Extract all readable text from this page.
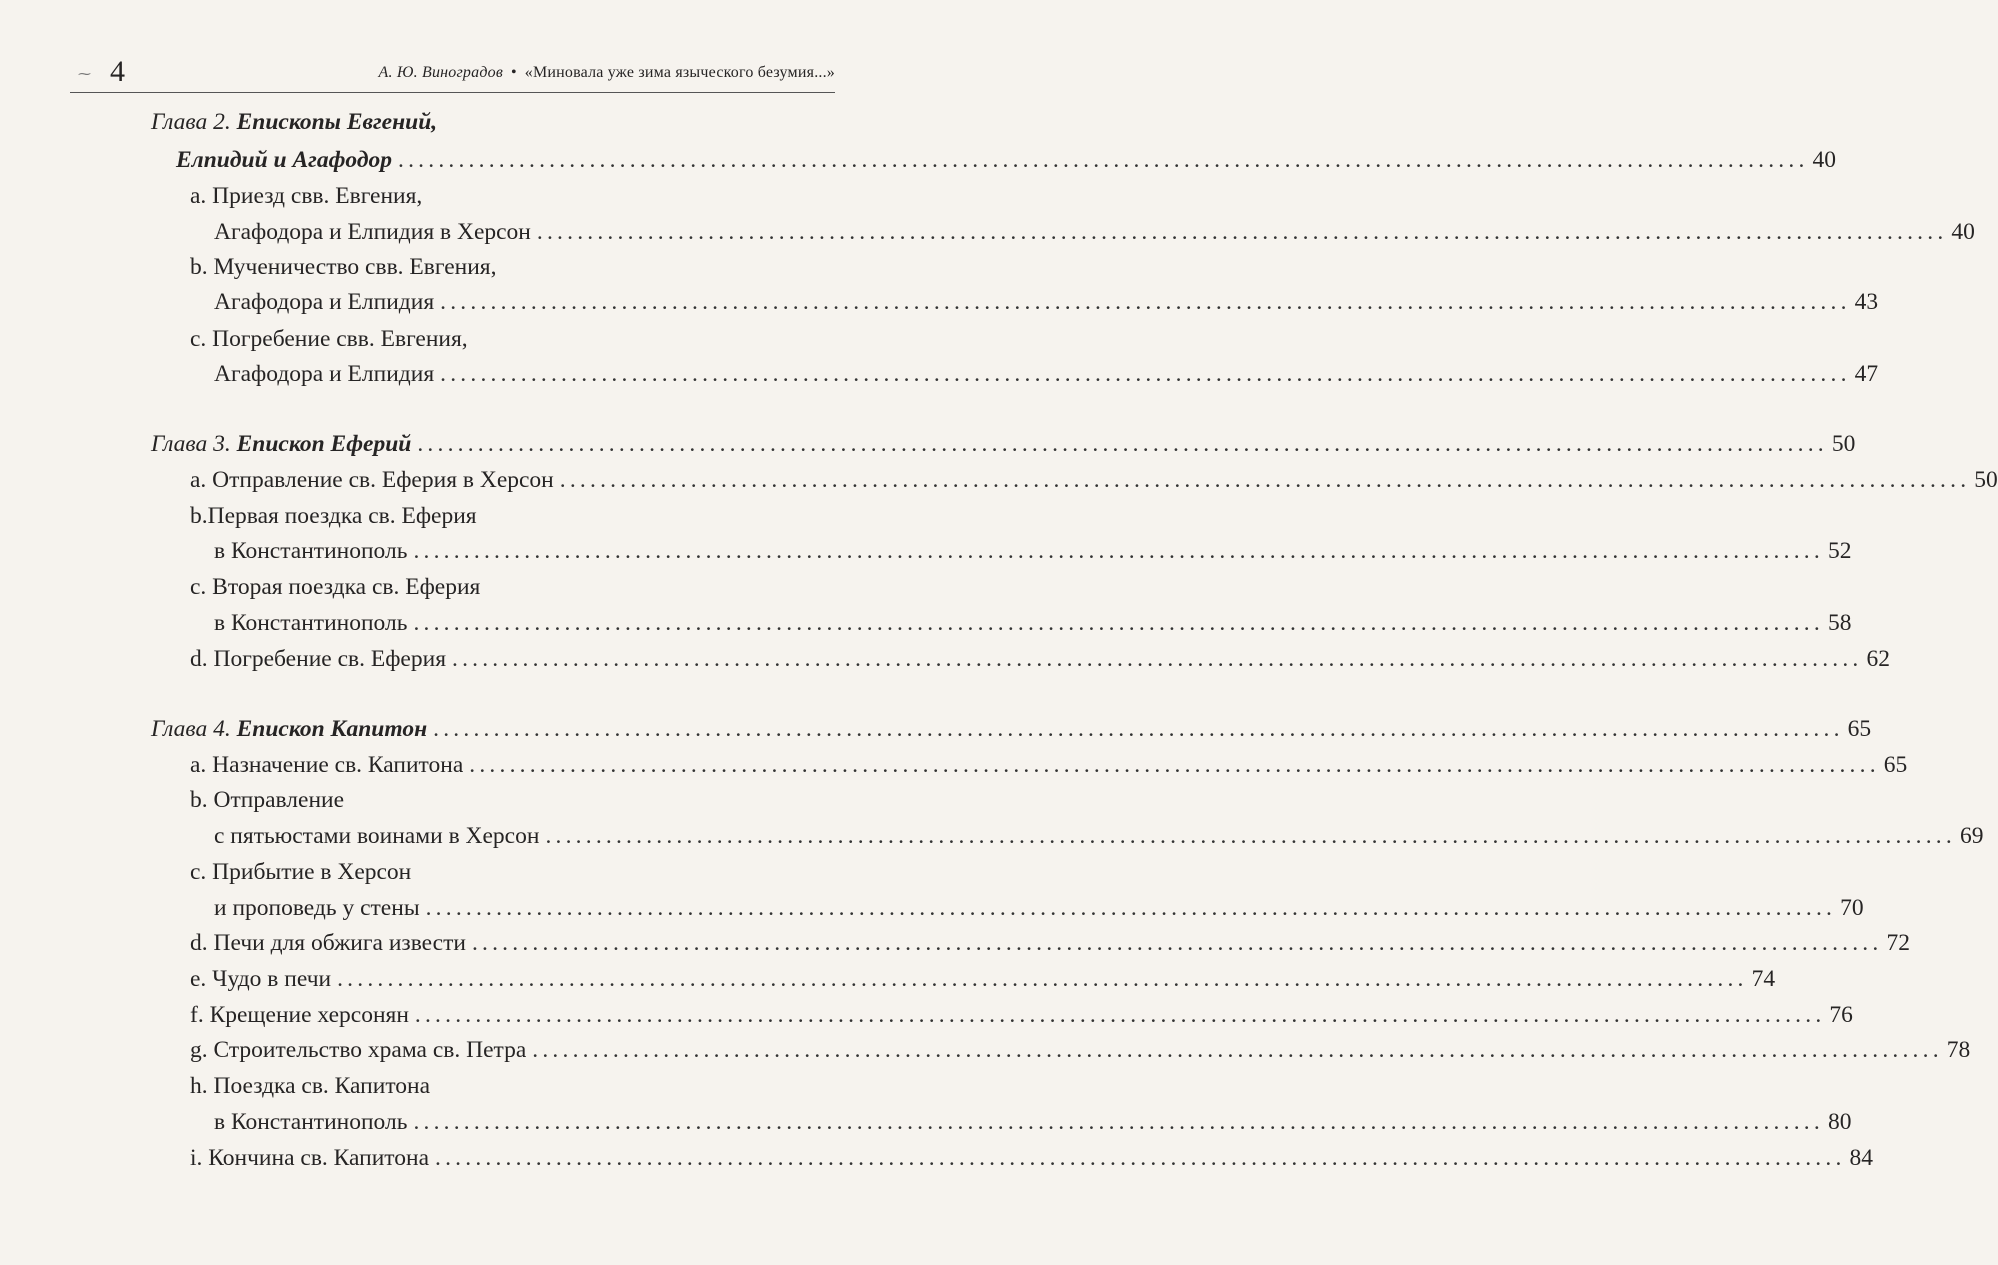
⁓ 4	А. Ю. Виноградов • «Миновала уже зима языческого безумия...»
Глава 2. Епископы Евгений,
Елпидий и Агафодор ............................................................................................................................................ 40
a. Приезд свв. Евгения,
Агафодора и Елпидия в Херсон ............................................................................................................................................ 40
b. Мученичество свв. Евгения,
Агафодора и Елпидия ............................................................................................................................................ 43
c. Погребение свв. Евгения,
Агафодора и Елпидия ............................................................................................................................................ 47
Глава 3. Епископ Еферий ............................................................................................................................................ 50
a. Отправление св. Еферия в Херсон ............................................................................................................................................ 50
b.Первая поездка св. Еферия
в Константинополь ............................................................................................................................................ 52
c. Вторая поездка св. Еферия
в Константинополь ............................................................................................................................................ 58
d. Погребение св. Еферия ............................................................................................................................................ 62
Глава 4. Епископ Капитон ............................................................................................................................................ 65
a. Назначение св. Капитона ............................................................................................................................................ 65
b. Отправление
с пятьюстами воинами в Херсон ............................................................................................................................................ 69
c. Прибытие в Херсон
и проповедь у стены ............................................................................................................................................ 70
d. Печи для обжига извести ............................................................................................................................................ 72
e. Чудо в печи ............................................................................................................................................ 74
f. Крещение херсонян ............................................................................................................................................ 76
g. Строительство храма св. Петра ............................................................................................................................................ 78
h. Поездка св. Капитона
в Константинополь ............................................................................................................................................ 80
i. Кончина св. Капитона ............................................................................................................................................ 84
